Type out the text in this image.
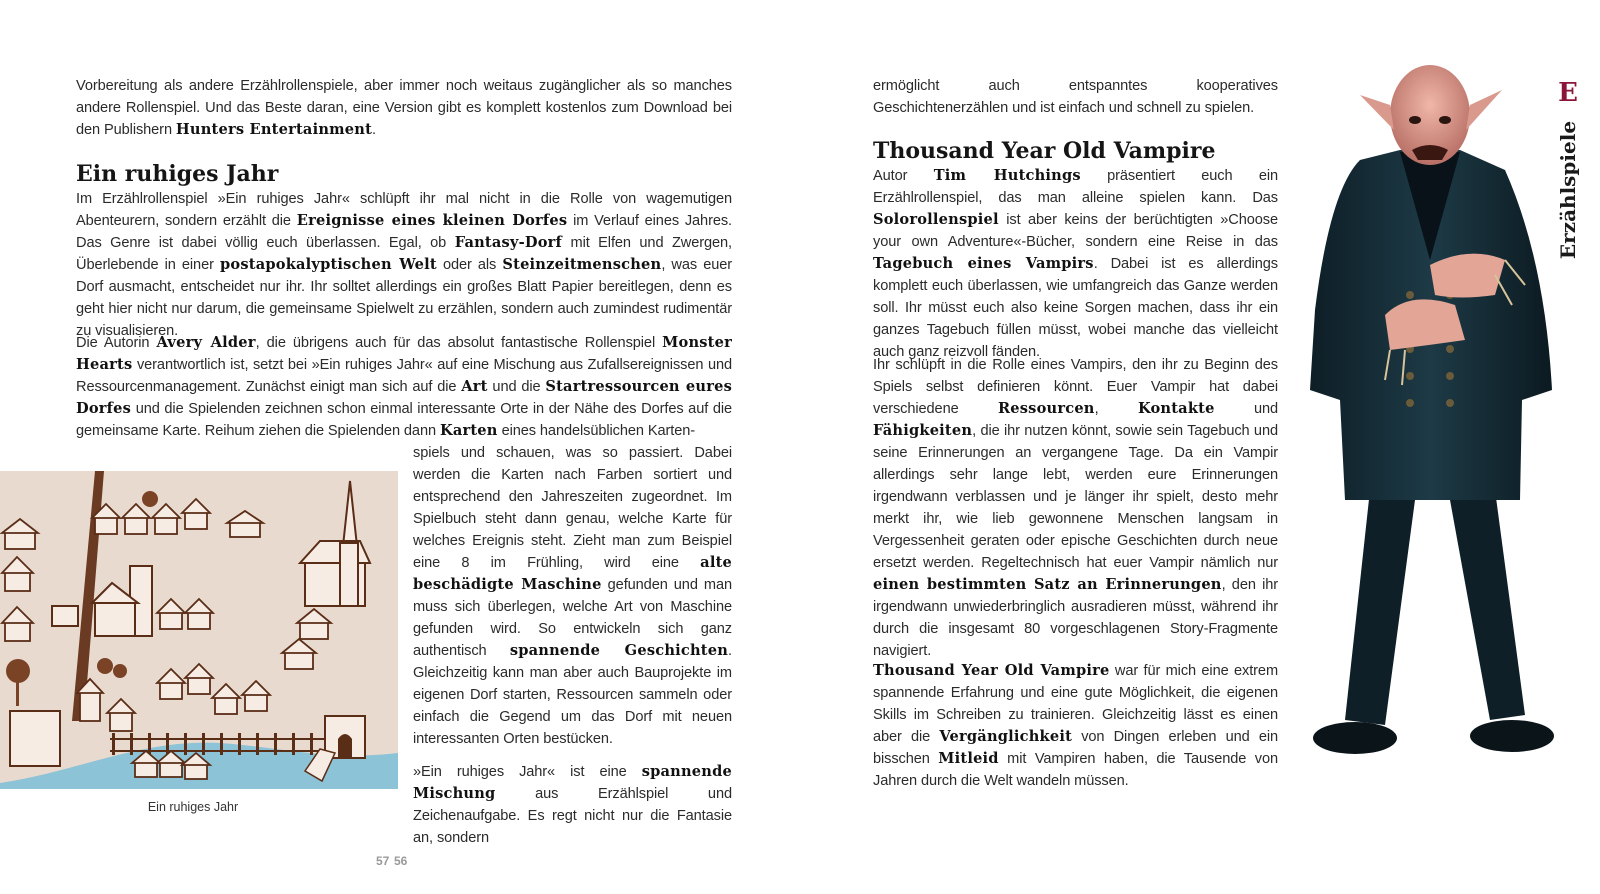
Vorbereitung als andere Erzählrollenspiele, aber immer noch weitaus zugänglicher als so manches andere Rollenspiel. Und das Beste daran, eine Version gibt es komplett kostenlos zum Download bei den Publishern Hunters Entertainment.

Ein ruhiges Jahr

Im Erzählrollenspiel »Ein ruhiges Jahr« schlüpft ihr mal nicht in die Rolle von wagemutigen Abenteurern, sondern erzählt die Ereignisse eines kleinen Dorfes im Verlauf eines Jahres. Das Genre ist dabei völlig euch überlassen. Egal, ob Fantasy-Dorf mit Elfen und Zwergen, Überlebende in einer postapokalyptischen Welt oder als Steinzeitmenschen, was euer Dorf ausmacht, entscheidet nur ihr. Ihr solltet allerdings ein großes Blatt Papier bereitlegen, denn es geht hier nicht nur darum, die gemeinsame Spielwelt zu erzählen, sondern auch zumindest rudimentär zu visualisieren.

Die Autorin Avery Alder, die übrigens auch für das absolut fantastische Rollenspiel Monster Hearts verantwortlich ist, setzt bei »Ein ruhiges Jahr« auf eine Mischung aus Zufallsereignissen und Ressourcenmanagement. Zunächst einigt man sich auf die Art und die Startressourcen eures Dorfes und die Spielenden zeichnen schon einmal interessante Orte in der Nähe des Dorfes auf die gemeinsame Karte. Reihum ziehen die Spielenden dann Karten eines handelsüblichen Karten-

spiels und schauen, was so passiert. Dabei werden die Karten nach Farben sortiert und entsprechend den Jahreszeiten zugeordnet. Im Spielbuch steht dann genau, welche Karte für welches Ereignis steht. Zieht man zum Beispiel eine 8 im Frühling, wird eine alte beschädigte Maschine gefunden und man muss sich überlegen, welche Art von Maschine gefunden wird. So entwickeln sich ganz authentisch spannende Geschichten. Gleichzeitig kann man aber auch Bauprojekte im eigenen Dorf starten, Ressourcen sammeln oder einfach die Gegend um das Dorf mit neuen interessanten Orten bestücken.

»Ein ruhiges Jahr« ist eine spannende Mischung aus Erzählspiel und Zeichenaufgabe. Es regt nicht nur die Fantasie an, sondern

Ein ruhiges Jahr
56

ermöglicht auch entspanntes kooperatives Geschichtenerzählen und ist einfach und schnell zu spielen.

Thousand Year Old Vampire

Autor Tim Hutchings präsentiert euch ein Erzählrollenspiel, das man alleine spielen kann. Das Solorollenspiel ist aber keins der berüchtigten »Choose your own Adventure«-Bücher, sondern eine Reise in das Tagebuch eines Vampirs. Dabei ist es allerdings komplett euch überlassen, wie umfangreich das Ganze werden soll. Ihr müsst euch also keine Sorgen machen, dass ihr ein ganzes Tagebuch füllen müsst, wobei manche das vielleicht auch ganz reizvoll fänden.

Ihr schlüpft in die Rolle eines Vampirs, den ihr zu Beginn des Spiels selbst definieren könnt. Euer Vampir hat dabei verschiedene Ressourcen, Kontakte und Fähigkeiten, die ihr nutzen könnt, sowie sein Tagebuch und seine Erinnerungen an vergangene Tage. Da ein Vampir allerdings sehr lange lebt, werden eure Erinnerungen irgendwann verblassen und je länger ihr spielt, desto mehr merkt ihr, wie lieb gewonnene Menschen langsam in Vergessenheit geraten oder epische Geschichten durch neue ersetzt werden. Regeltechnisch hat euer Vampir nämlich nur einen bestimmten Satz an Erinnerungen, den ihr irgendwann unwiederbringlich ausradieren müsst, während ihr durch die insgesamt 80 vorgeschlagenen Story-Fragmente navigiert.

Thousand Year Old Vampire war für mich eine extrem spannende Erfahrung und eine gute Möglichkeit, die eigenen Skills im Schreiben zu trainieren. Gleichzeitig lässt es einen aber die Vergänglichkeit von Dingen erleben und ein bisschen Mitleid mit Vampiren haben, die Tausende von Jahren durch die Welt wandeln müssen.

E
Erzählspiele
57
